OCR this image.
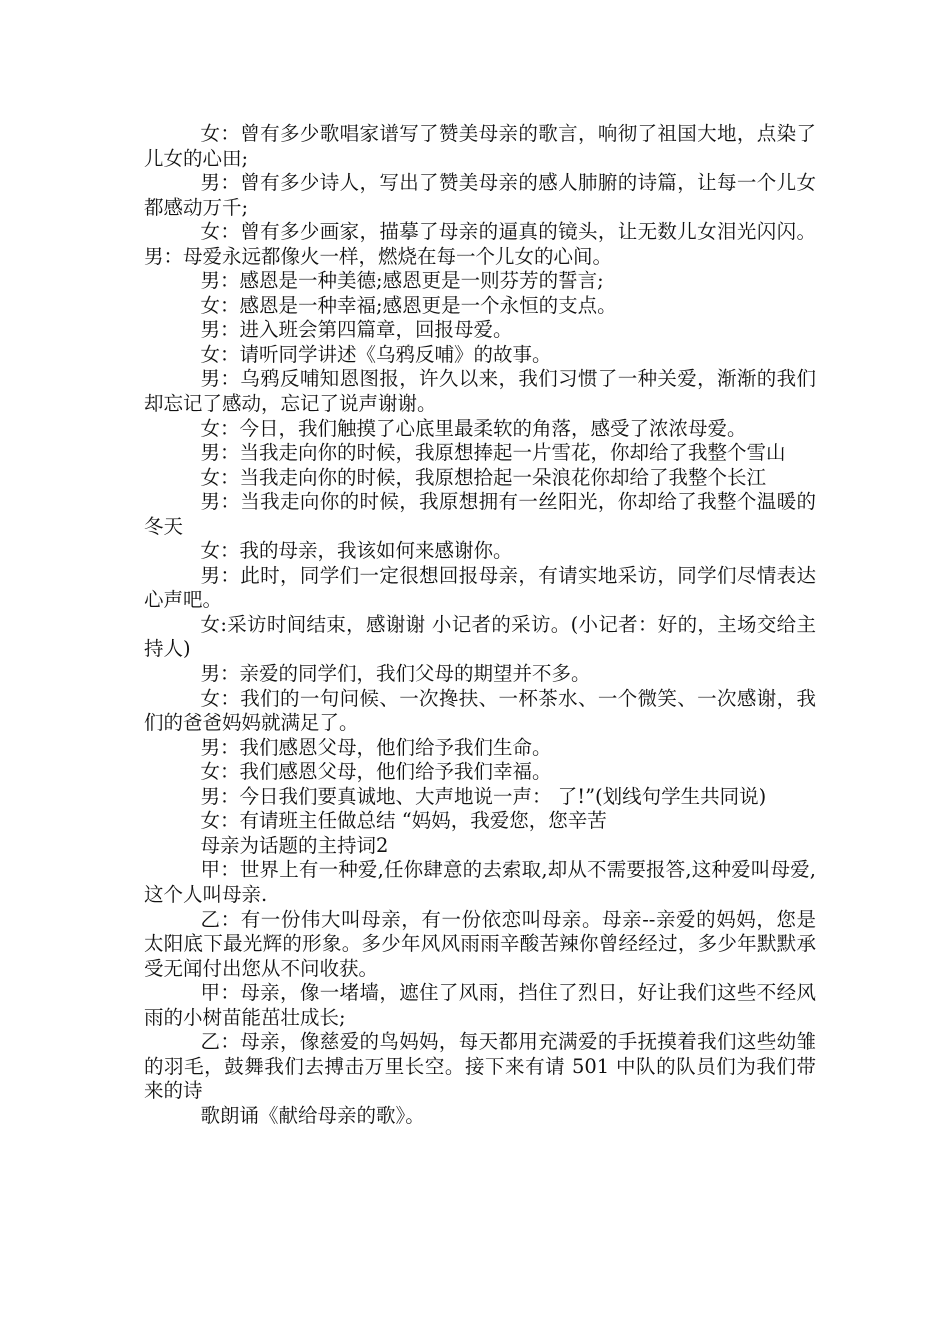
女：曾有多少歌唱家谱写了赞美母亲的歌言，响彻了祖国大地，点染了儿女的心田;

男：曾有多少诗人，写出了赞美母亲的感人肺腑的诗篇，让每一个儿女都感动万千;

女：曾有多少画家，描摹了母亲的逼真的镜头，让无数儿女泪光闪闪。 男：母爱永远都像火一样，燃烧在每一个儿女的心间。

男：感恩是一种美德;感恩更是一则芬芳的誓言;

女：感恩是一种幸福;感恩更是一个永恒的支点。

男：进入班会第四篇章，回报母爱。

女：请听同学讲述《乌鸦反哺》的故事。

男：乌鸦反哺知恩图报，许久以来，我们习惯了一种关爱，渐渐的我们却忘记了感动，忘记了说声谢谢。

女：今日，我们触摸了心底里最柔软的角落，感受了浓浓母爱。

男：当我走向你的时候，我原想捧起一片雪花，你却给了我整个雪山

女：当我走向你的时候，我原想拾起一朵浪花你却给了我整个长江

男：当我走向你的时候，我原想拥有一丝阳光，你却给了我整个温暖的冬天

女：我的母亲，我该如何来感谢你。

男：此时，同学们一定很想回报母亲，有请实地采访，同学们尽情表达心声吧。

女:采访时间结束，感谢谢 小记者的采访。(小记者：好的，主场交给主持人)

男：亲爱的同学们，我们父母的期望并不多。

女：我们的一句问候、一次搀扶、一杯茶水、一个微笑、一次感谢，我们的爸爸妈妈就满足了。

男：我们感恩父母，他们给予我们生命。

女：我们感恩父母，他们给予我们幸福。

男：今日我们要真诚地、大声地说一声： 了!”(划线句学生共同说)

女：有请班主任做总结 “妈妈，我爱您，您辛苦

母亲为话题的主持词2

甲：世界上有一种爱,任你肆意的去索取,却从不需要报答,这种爱叫母爱,这个人叫母亲.

乙：有一份伟大叫母亲，有一份依恋叫母亲。母亲--亲爱的妈妈，您是太阳底下最光辉的形象。多少年风风雨雨辛酸苦辣你曾经经过，多少年默默承受无闻付出您从不问收获。

甲：母亲，像一堵墙，遮住了风雨，挡住了烈日，好让我们这些不经风雨的小树苗能茁壮成长;

乙：母亲，像慈爱的鸟妈妈，每天都用充满爱的手抚摸着我们这些幼雏的羽毛，鼓舞我们去搏击万里长空。接下来有请 501 中队的队员们为我们带来的诗

歌朗诵《献给母亲的歌》。
